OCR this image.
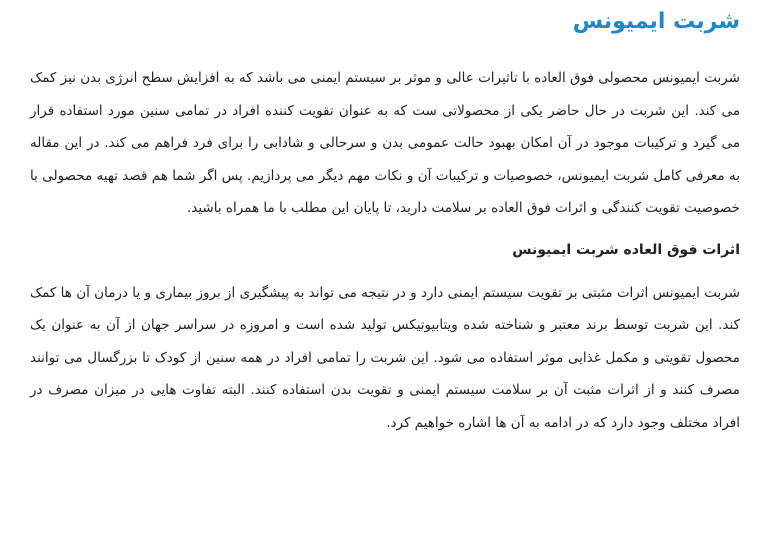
شربت ایمیونس

شربت ایمیونس محصولی فوق العاده با تاثیرات عالی و موثر بر سیستم ایمنی می باشد که به افزایش سطح انرژی بدن نیز کمک می کند. این شربت در حال حاضر یکی از محصولاتی ست که به عنوان تقویت کننده افراد در تمامی سنین مورد استفاده قرار می گیرد و ترکیبات موجود در آن امکان بهبود حالت عمومی بدن و سرحالی و شادابی را برای فرد فراهم می کند. در این مقاله به معرفی کامل شربت ایمیونس، خصوصیات و ترکیبات آن و نکات مهم دیگر می پردازیم. پس اگر شما هم قصد تهیه محصولی با خصوصیت تقویت کنندگی و اثرات فوق العاده بر سلامت دارید، تا پایان این مطلب با ما همراه باشید.

اثرات فوق العاده شربت ایمیونس

شربت ایمیونس اثرات مثبتی بر تقویت سیستم ایمنی دارد و در نتیجه می تواند به پیشگیری از بروز بیماری و یا درمان آن ها کمک کند. این شربت توسط برند معتبر و شناخته شده ویتابیوتیکس تولید شده است و امروزه در سراسر جهان از آن به عنوان یک محصول تقویتی و مکمل غذایی موثر استفاده می شود. این شربت را تمامی افراد در همه سنین از کودک تا بزرگسال می توانند مصرف کنند و از اثرات مثبت آن بر سلامت سیستم ایمنی و تقویت بدن استفاده کنند. البته تفاوت هایی در میزان مصرف در افراد مختلف وجود دارد که در ادامه به آن ها اشاره خواهیم کرد.
